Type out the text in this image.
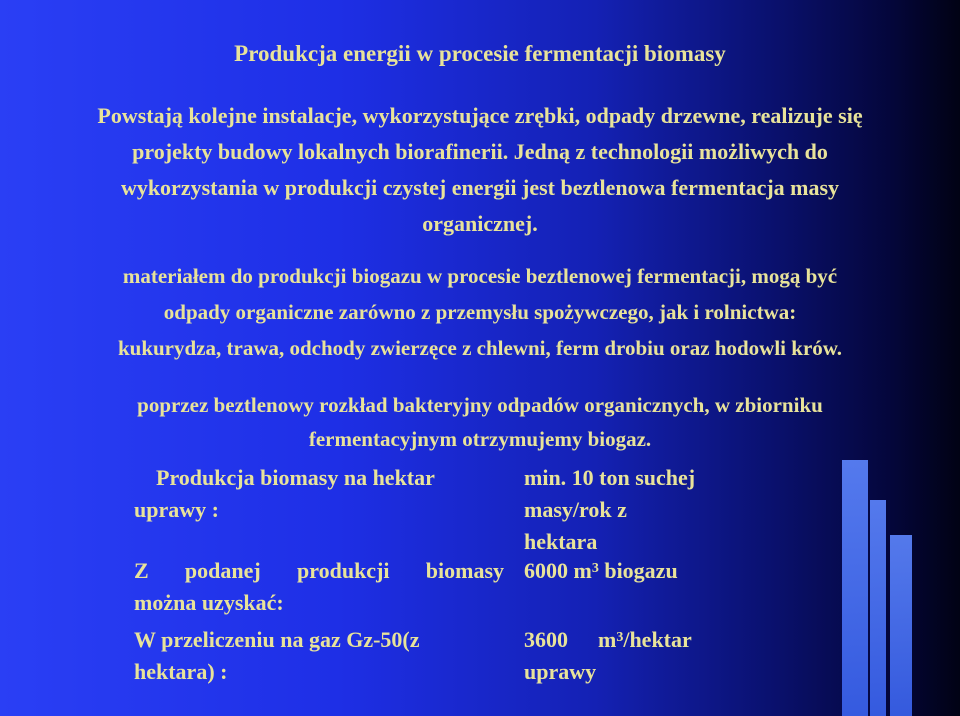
Produkcja energii w procesie fermentacji biomasy
Powstają kolejne instalacje, wykorzystujące zrębki, odpady drzewne, realizuje się
projekty budowy lokalnych biorafinerii. Jedną z technologii możliwych do
wykorzystania w produkcji czystej energii jest beztlenowa fermentacja masy
organicznej.
materiałem do produkcji biogazu w procesie beztlenowej fermentacji, mogą być
odpady organiczne zarówno z przemysłu spożywczego, jak i rolnictwa:
kukurydza, trawa, odchody zwierzęce z chlewni, ferm drobiu oraz hodowli krów.
poprzez beztlenowy rozkład bakteryjny odpadów organicznych, w zbiorniku
fermentacyjnym otrzymujemy biogaz.
Produkcja biomasy na hektar
uprawy :
min. 10 ton suchej
masy/rok z
hektara
Z podanej produkcji biomasy
można uzyskać:
6000 $m^3$ biogazu
W przeliczeniu na gaz Gz-50(z
hektara) :
3600 $m^3$/hektar
uprawy
